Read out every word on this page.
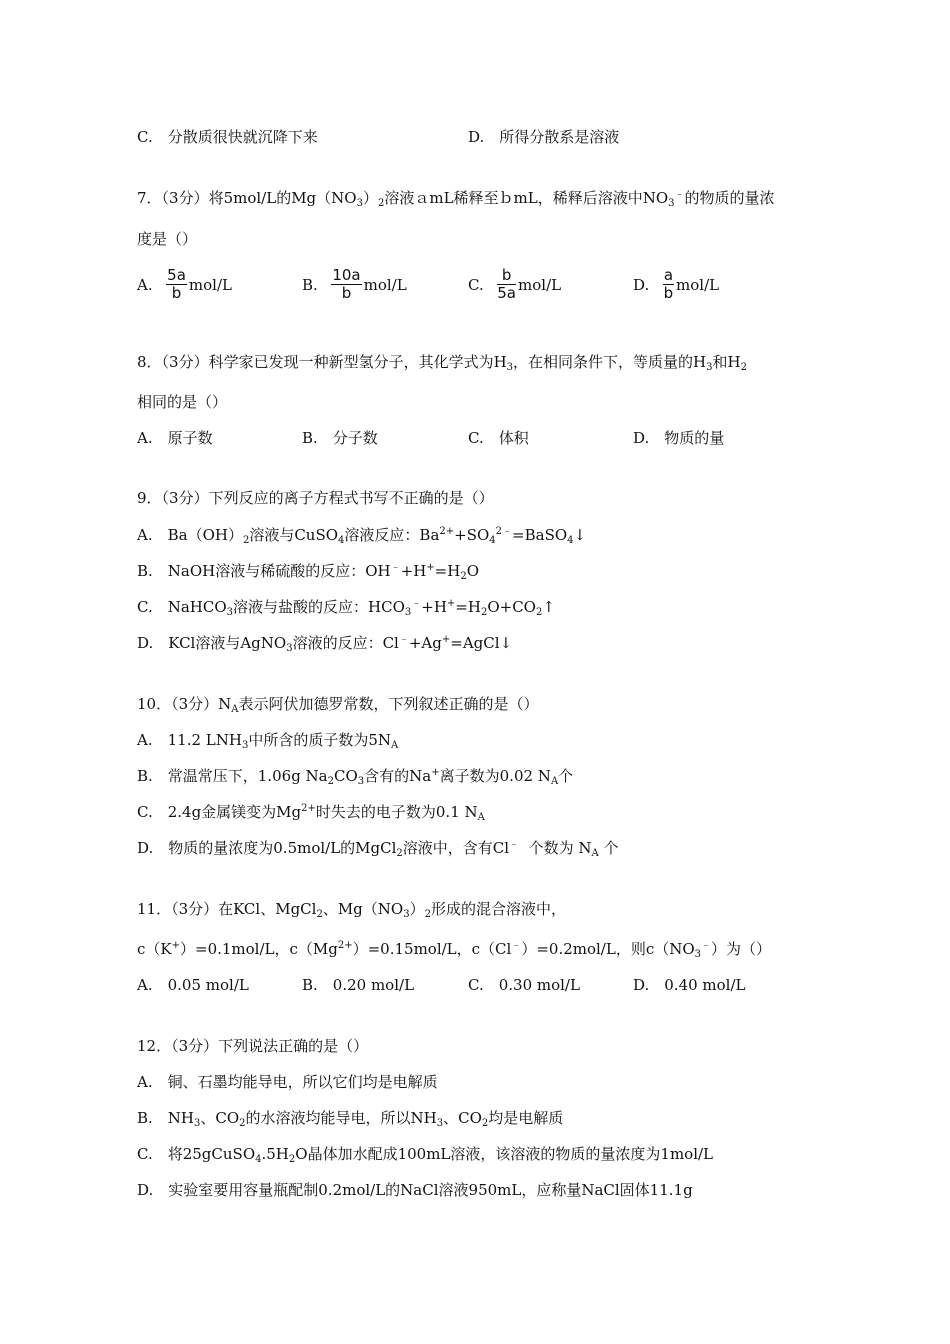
C.　分散质很快就沉降下来	D.　所得分散系是溶液
7．（3分）将5mol/L的$Mg(NO_3)_2$溶液ａmL稀释至ｂmL，稀释后溶液中$NO_3^﹣$的物质的量浓
度是（）
A.
$\frac{5a}{b} mol/L$	B.
$\frac{10a}{b} mol/L$	C.
$\frac{b}{5a} mol/L$	D.
$\frac{a}{b} mol/L$
8．（3分）科学家已发现一种新型氢分子，其化学式为$H_3$，在相同条件下，等质量的$H_3$和$H_2$
相同的是（）
A.　原子数	B.　分子数	C.　体积	D.　物质的量
9．（3分）下列反应的离子方程式书写不正确的是（）
A.　$Ba(OH)_2$溶液与CuSO$_4$溶液反应：$Ba^{2+}+SO_4^{2﹣}=BaSO_4↓$
B.　NaOH溶液与稀硫酸的反应：$OH^﹣+H^+=H_2O$
C.　NaHCO$_3$溶液与盐酸的反应：$HCO_3^﹣+H^+=H_2O+CO_2↑$
D.　KCl溶液与AgNO$_3$溶液的反应：Cl﹣+Ag+=AgCl↓
10．（3分）$N_A$表示阿伏加德罗常数，下列叙述正确的是（）
A.　11.2 $LNH_3$中所含的质子数为$5N_A$
B.　常温常压下，1.06g $Na_2CO_3$含有的Na+离子数为0.02 $N_A$个
C.　2.4g金属镁变为$Mg^{2+}$时失去的电子数为0.1 $N_A$
D.　物质的量浓度为0.5mol/L的MgCl$_2$溶液中，含有Cl﹣ 个数为 $N_A$ 个
11．（3分）在KCl、MgCl$_2$、$Mg(NO_3)_2$形成的混合溶液中，
c（K+）=0.1mol/L，$c(Mg^{2+})=0.15mol/L$，c（Cl﹣）=0.2mol/L，则$c(NO_3^﹣)$为（）
A.　0.05 mol/L	B.　0.20 mol/L	C.　0.30 mol/L	D.　0.40 mol/L
12．（3分）下列说法正确的是（）
A.　铜、石墨均能导电，所以它们均是电解质
B.　$NH_3$、$CO_2$的水溶液均能导电，所以$NH_3$、$CO_2$均是电解质
C.　将$25gCuSO_4.5H_2O$晶体加水配成100mL溶液，该溶液的物质的量浓度为1mol/L
D.　实验室要用容量瓶配制0.2mol/L的NaCl溶液950mL，应称量NaCl固体11.1g
